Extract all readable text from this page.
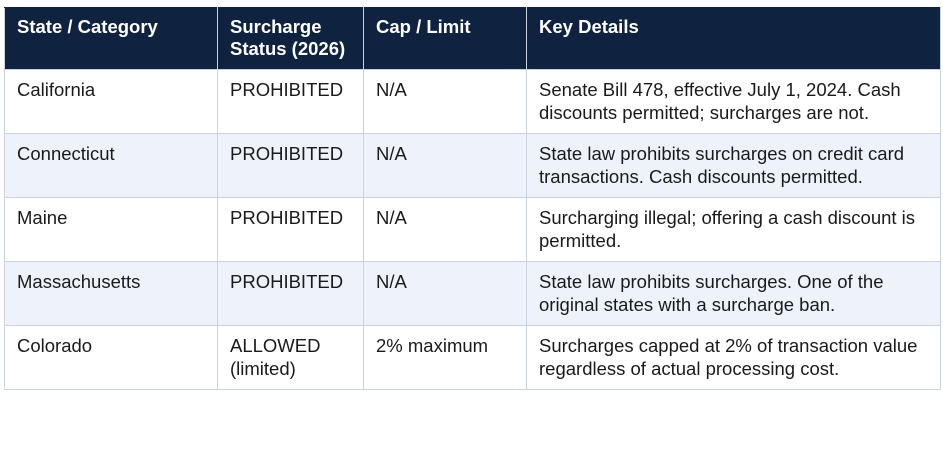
State / Category	Surcharge Status (2026)	Cap / Limit	Key Details
California	PROHIBITED	N/A	Senate Bill 478, effective July 1, 2024. Cash discounts permitted; surcharges are not.
Connecticut	PROHIBITED	N/A	State law prohibits surcharges on credit card transactions. Cash discounts permitted.
Maine	PROHIBITED	N/A	Surcharging illegal; offering a cash discount is permitted.
Massachusetts	PROHIBITED	N/A	State law prohibits surcharges. One of the original states with a surcharge ban.
Colorado	ALLOWED (limited)	2% maximum	Surcharges capped at 2% of transaction value regardless of actual processing cost.
